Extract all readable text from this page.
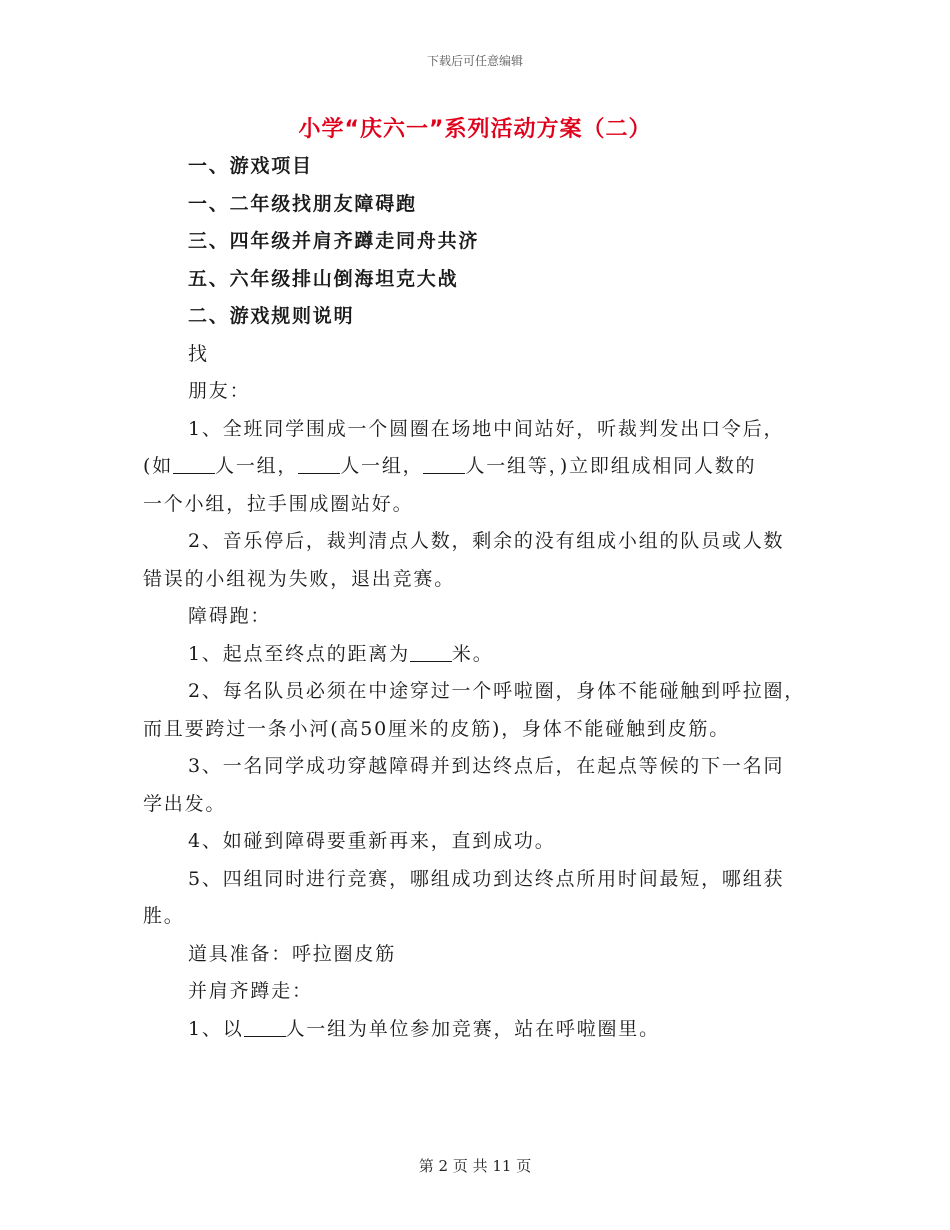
下载后可任意编辑
小学“庆六一”系列活动方案（二）
一、游戏项目
一、二年级找朋友障碍跑
三、四年级并肩齐蹲走同舟共济
五、六年级排山倒海坦克大战
二、游戏规则说明
找
朋友：
1、全班同学围成一个圆圈在场地中间站好，听裁判发出口令后，
(如 人一组， 人一组， 人一组等，)立即组成相同人数的
一个小组，拉手围成圈站好。
2、音乐停后，裁判清点人数，剩余的没有组成小组的队员或人数
错误的小组视为失败，退出竞赛。
障碍跑：
1、起点至终点的距离为 米。
2、每名队员必须在中途穿过一个呼啦圈，身体不能碰触到呼拉圈，
而且要跨过一条小河(高50厘米的皮筋)，身体不能碰触到皮筋。
3、一名同学成功穿越障碍并到达终点后，在起点等候的下一名同
学出发。
4、如碰到障碍要重新再来，直到成功。
5、四组同时进行竞赛，哪组成功到达终点所用时间最短，哪组获
胜。
道具准备：呼拉圈皮筋
并肩齐蹲走：
1、以 人一组为单位参加竞赛，站在呼啦圈里。
第 2 页 共 11 页
